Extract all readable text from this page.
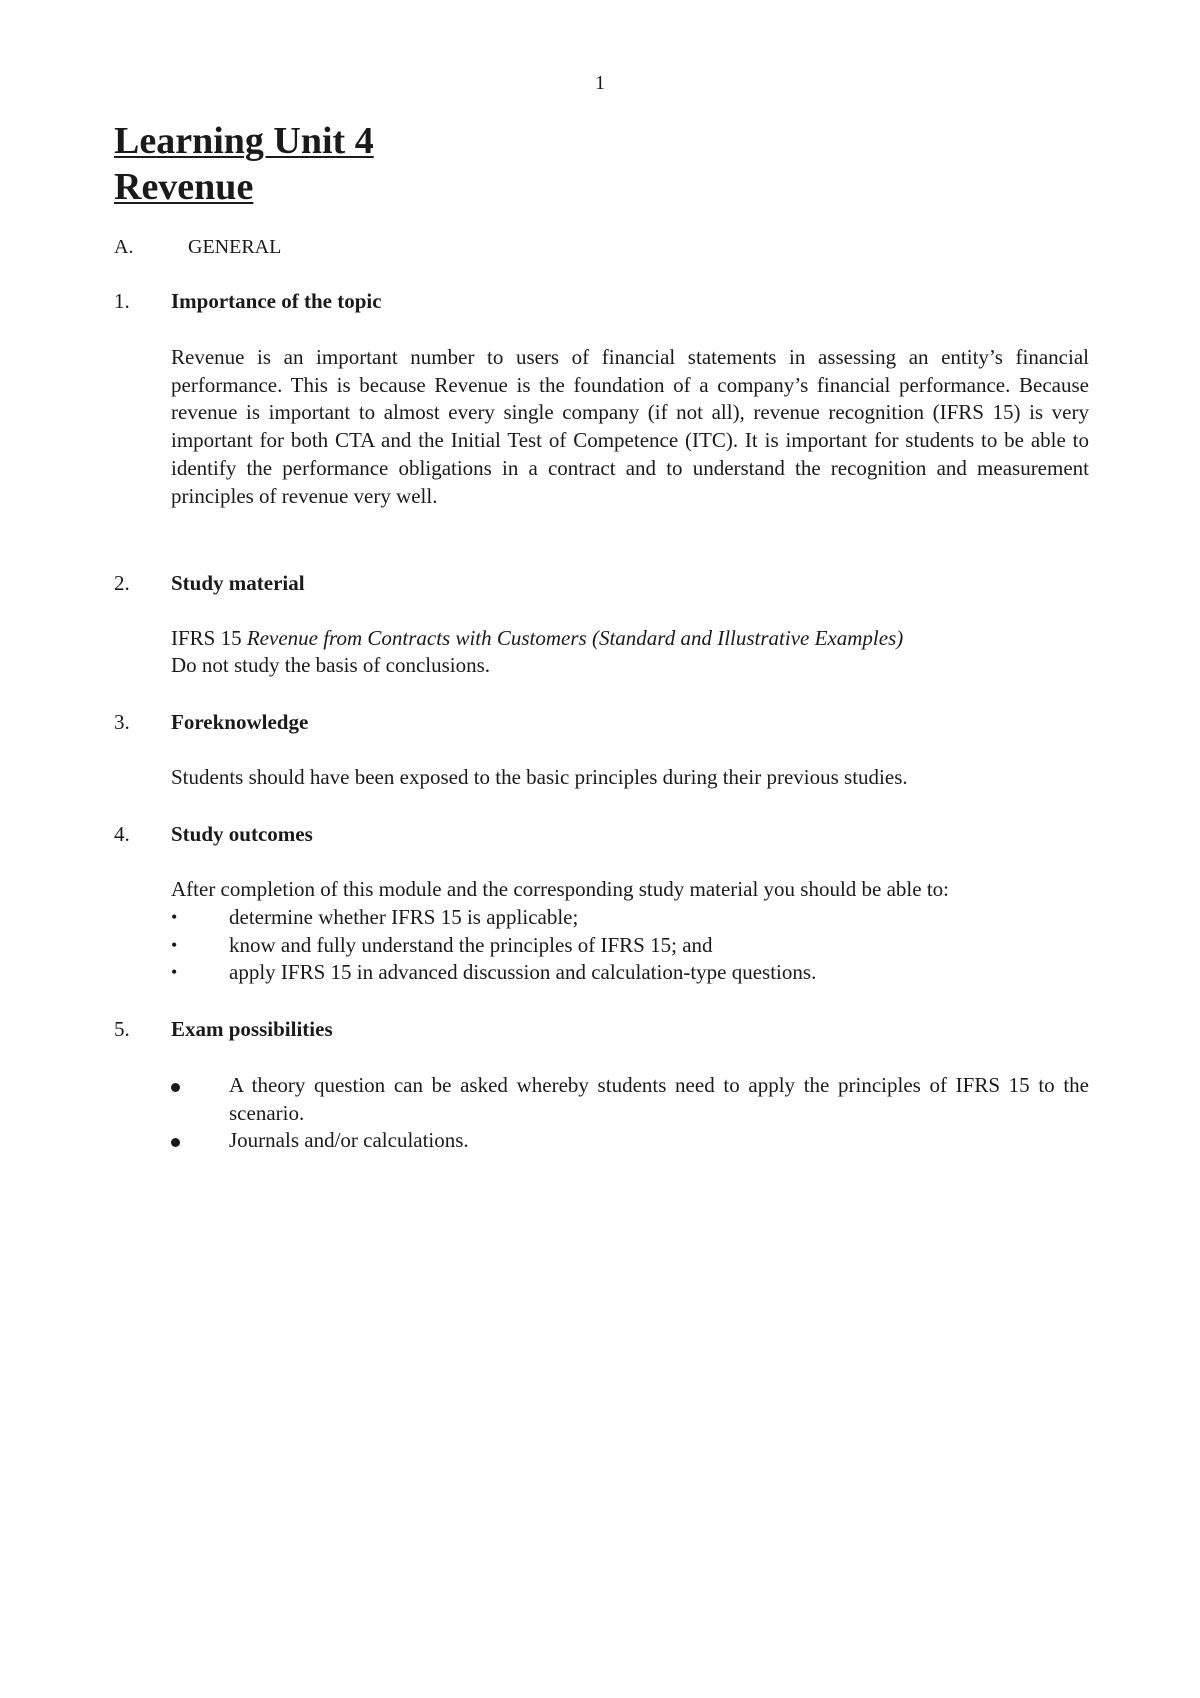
1
Learning Unit 4
Revenue
A.	GENERAL
1. Importance of the topic
Revenue is an important number to users of financial statements in assessing an entity’s financial performance. This is because Revenue is the foundation of a company’s financial performance. Because revenue is important to almost every single company (if not all), revenue recognition (IFRS 15) is very important for both CTA and the Initial Test of Competence (ITC). It is important for students to be able to identify the performance obligations in a contract and to understand the recognition and measurement principles of revenue very well.
2. Study material
IFRS 15 Revenue from Contracts with Customers (Standard and Illustrative Examples)
Do not study the basis of conclusions.
3. Foreknowledge
Students should have been exposed to the basic principles during their previous studies.
4. Study outcomes
After completion of this module and the corresponding study material you should be able to:
• determine whether IFRS 15 is applicable;
• know and fully understand the principles of IFRS 15; and
• apply IFRS 15 in advanced discussion and calculation-type questions.
5. Exam possibilities
A theory question can be asked whereby students need to apply the principles of IFRS 15 to the scenario.
Journals and/or calculations.
